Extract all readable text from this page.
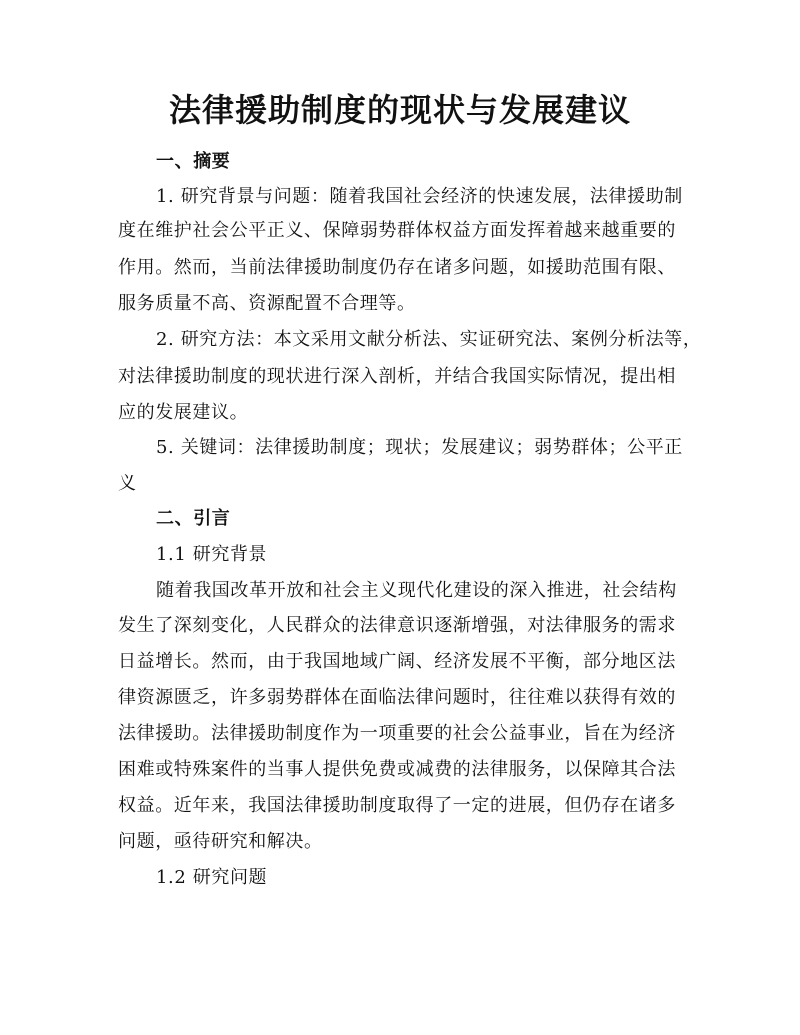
法律援助制度的现状与发展建议
一、摘要
1. 研究背景与问题：随着我国社会经济的快速发展，法律援助制
度在维护社会公平正义、保障弱势群体权益方面发挥着越来越重要的
作用。然而，当前法律援助制度仍存在诸多问题，如援助范围有限、
服务质量不高、资源配置不合理等。
2. 研究方法：本文采用文献分析法、实证研究法、案例分析法等，
对法律援助制度的现状进行深入剖析，并结合我国实际情况，提出相
应的发展建议。
5. 关键词：法律援助制度；现状；发展建议；弱势群体；公平正
义
二、引言
1.1 研究背景
随着我国改革开放和社会主义现代化建设的深入推进，社会结构
发生了深刻变化，人民群众的法律意识逐渐增强，对法律服务的需求
日益增长。然而，由于我国地域广阔、经济发展不平衡，部分地区法
律资源匮乏，许多弱势群体在面临法律问题时，往往难以获得有效的
法律援助。法律援助制度作为一项重要的社会公益事业，旨在为经济
困难或特殊案件的当事人提供免费或减费的法律服务，以保障其合法
权益。近年来，我国法律援助制度取得了一定的进展，但仍存在诸多
问题，亟待研究和解决。
1.2 研究问题
